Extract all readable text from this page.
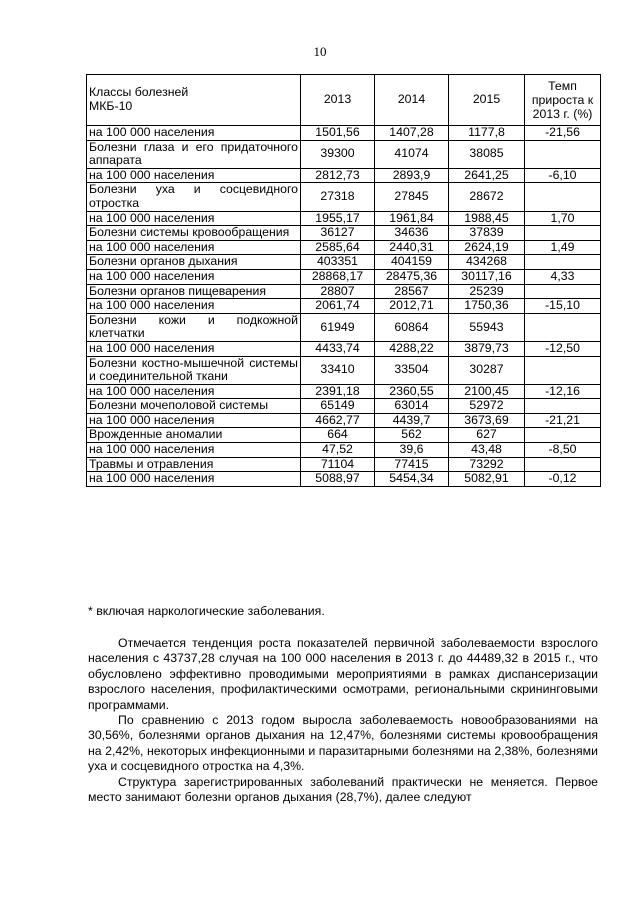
10
Классы болезней
МКБ-10	2013	2014	2015	Темп прироста к 2013 г. (%)
на 100 000 населения	1501,56	1407,28	1177,8	-21,56
Болезни глаза и его придаточного аппарата	39300	41074	38085	
на 100 000 населения	2812,73	2893,9	2641,25	-6,10
Болезни уха и сосцевидного отростка	27318	27845	28672	
на 100 000 населения	1955,17	1961,84	1988,45	1,70
Болезни системы кровообращения	36127	34636	37839	
на 100 000 населения	2585,64	2440,31	2624,19	1,49
Болезни органов дыхания	403351	404159	434268	
на 100 000 населения	28868,17	28475,36	30117,16	4,33
Болезни органов пищеварения	28807	28567	25239	
на 100 000 населения	2061,74	2012,71	1750,36	-15,10
Болезни кожи и подкожной клетчатки	61949	60864	55943	
на 100 000 населения	4433,74	4288,22	3879,73	-12,50
Болезни костно-мышечной системы и соединительной ткани	33410	33504	30287	
на 100 000 населения	2391,18	2360,55	2100,45	-12,16
Болезни мочеполовой системы	65149	63014	52972	
на 100 000 населения	4662,77	4439,7	3673,69	-21,21
Врожденные аномалии	664	562	627	
на 100 000 населения	47,52	39,6	43,48	-8,50
Травмы и отравления	71104	77415	73292	
на 100 000 населения	5088,97	5454,34	5082,91	-0,12
* включая наркологические заболевания.

Отмечается тенденция роста показателей первичной заболеваемости взрослого населения с 43737,28 случая на 100 000 населения в 2013 г. до 44489,32 в 2015 г., что обусловлено эффективно проводимыми мероприятиями в рамках диспансеризации взрослого населения, профилактическими осмотрами, региональными скрининговыми программами.

По сравнению с 2013 годом выросла заболеваемость новообразованиями на 30,56%, болезнями органов дыхания на 12,47%, болезнями системы кровообращения на 2,42%, некоторых инфекционными и паразитарными болезнями на 2,38%, болезнями уха и сосцевидного отростка на 4,3%.

Структура зарегистрированных заболеваний практически не меняется. Первое место занимают болезни органов дыхания (28,7%), далее следуют
